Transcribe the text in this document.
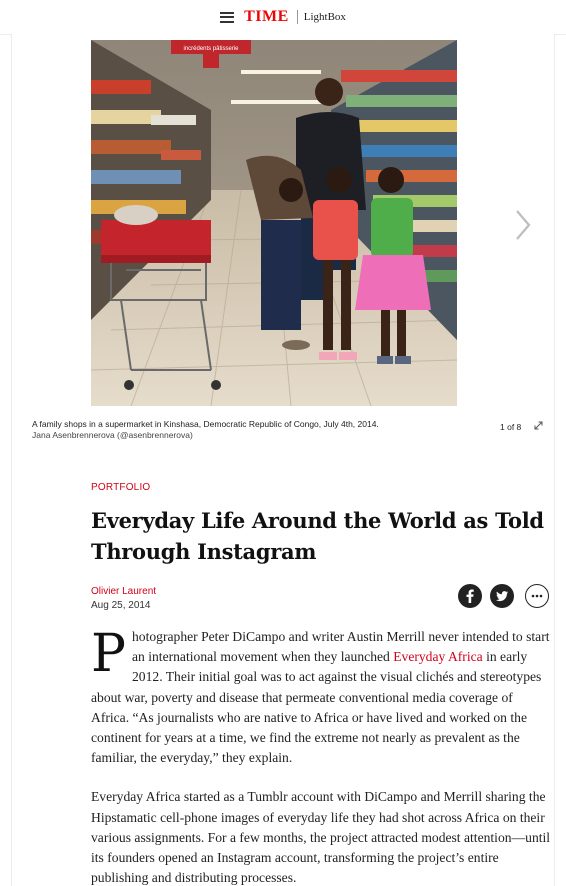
TIME LightBox
incrédents pâtisserie
A family shops in a supermarket in Kinshasa, Democratic Republic of Congo, July 4th, 2014.
Jana Asenbrennerova (@asenbrennerova)
1 of 8
PORTFOLIO
Everyday Life Around the World as Told Through Instagram
Olivier Laurent
Aug 25, 2014

Photographer Peter DiCampo and writer Austin Merrill never intended to start an international movement when they launched Everyday Africa in early 2012. Their initial goal was to act against the visual clichés and stereotypes about war, poverty and disease that permeate conventional media coverage of Africa. “As journalists who are native to Africa or have lived and worked on the continent for years at a time, we find the extreme not nearly as prevalent as the familiar, the everyday,” they explain.

Everyday Africa started as a Tumblr account with DiCampo and Merrill sharing the Hipstamatic cell-phone images of everyday life they had shot across Africa on their various assignments. For a few months, the project attracted modest attention—until its founders opened an Instagram account, transforming the project’s entire publishing and distributing processes.
